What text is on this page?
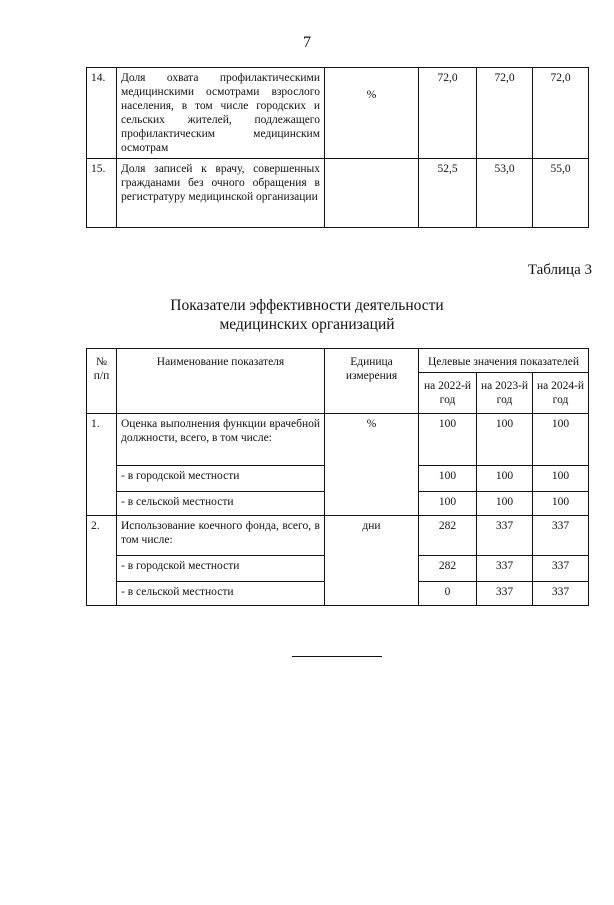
7
14.	Доля охвата профилактическими медицинскими осмотрами взрослого населения, в том числе городских и сельских жителей, подлежащего профилактическим медицинским осмотрам	%	72,0	72,0	72,0
15.	Доля записей к врачу, совершенных гражданами без очного обращения в регистратуру медицинской организации		52,5	53,0	55,0
Таблица 3
Показатели эффективности деятельности
медицинских организаций
№ п/п	Наименование показателя	Единица измерения	Целевые значения показателей		
			на 2022-й год	на 2023-й год	на 2024-й год
1.	Оценка выполнения функции врачебной должности, всего, в том числе:	%	100	100	100
	- в городской местности		100	100	100
	- в сельской местности		100	100	100
2.	Использование коечного фонда, всего, в том числе:	дни	282	337	337
	- в городской местности		282	337	337
	- в сельской местности		0	337	337
